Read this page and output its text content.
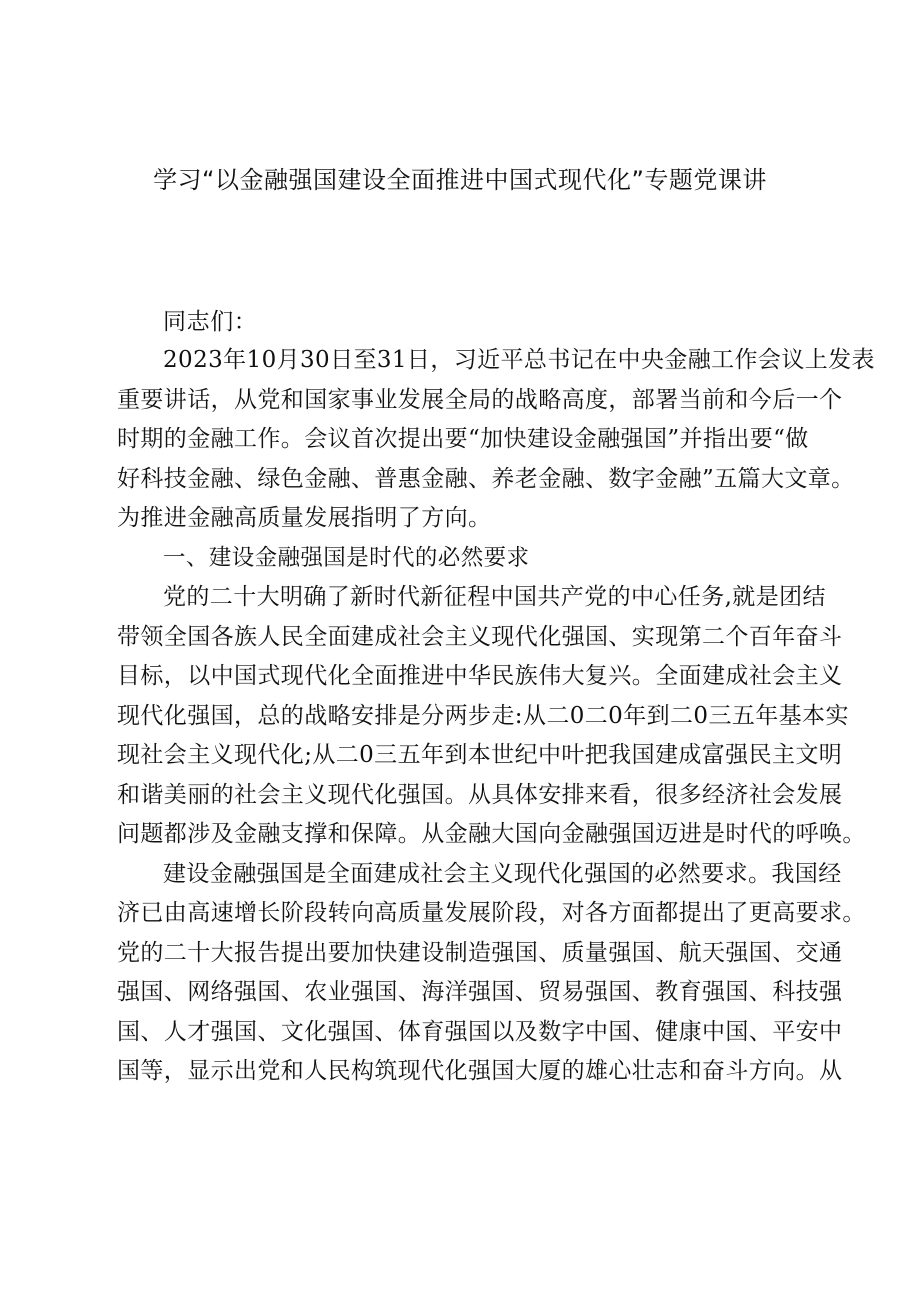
学习“以金融强国建设全面推进中国式现代化”专题党课讲
同志们：
2023年10月30日至31日，习近平总书记在中央金融工作会议上发表
重要讲话，从党和国家事业发展全局的战略高度，部署当前和今后一个
时期的金融工作。会议首次提出要“加快建设金融强国”并指出要“做
好科技金融、绿色金融、普惠金融、养老金融、数字金融”五篇大文章。
为推进金融高质量发展指明了方向。
一、建设金融强国是时代的必然要求
党的二十大明确了新时代新征程中国共产党的中心任务,就是团结
带领全国各族人民全面建成社会主义现代化强国、实现第二个百年奋斗
目标，以中国式现代化全面推进中华民族伟大复兴。全面建成社会主义
现代化强国，总的战略安排是分两步走:从二0二0年到二0三五年基本实
现社会主义现代化;从二0三五年到本世纪中叶把我国建成富强民主文明
和谐美丽的社会主义现代化强国。从具体安排来看，很多经济社会发展
问题都涉及金融支撑和保障。从金融大国向金融强国迈进是时代的呼唤。
建设金融强国是全面建成社会主义现代化强国的必然要求。我国经
济已由高速增长阶段转向高质量发展阶段，对各方面都提出了更高要求。
党的二十大报告提出要加快建设制造强国、质量强国、航天强国、交通
强国、网络强国、农业强国、海洋强国、贸易强国、教育强国、科技强
国、人才强国、文化强国、体育强国以及数字中国、健康中国、平安中
国等，显示出党和人民构筑现代化强国大厦的雄心壮志和奋斗方向。从
